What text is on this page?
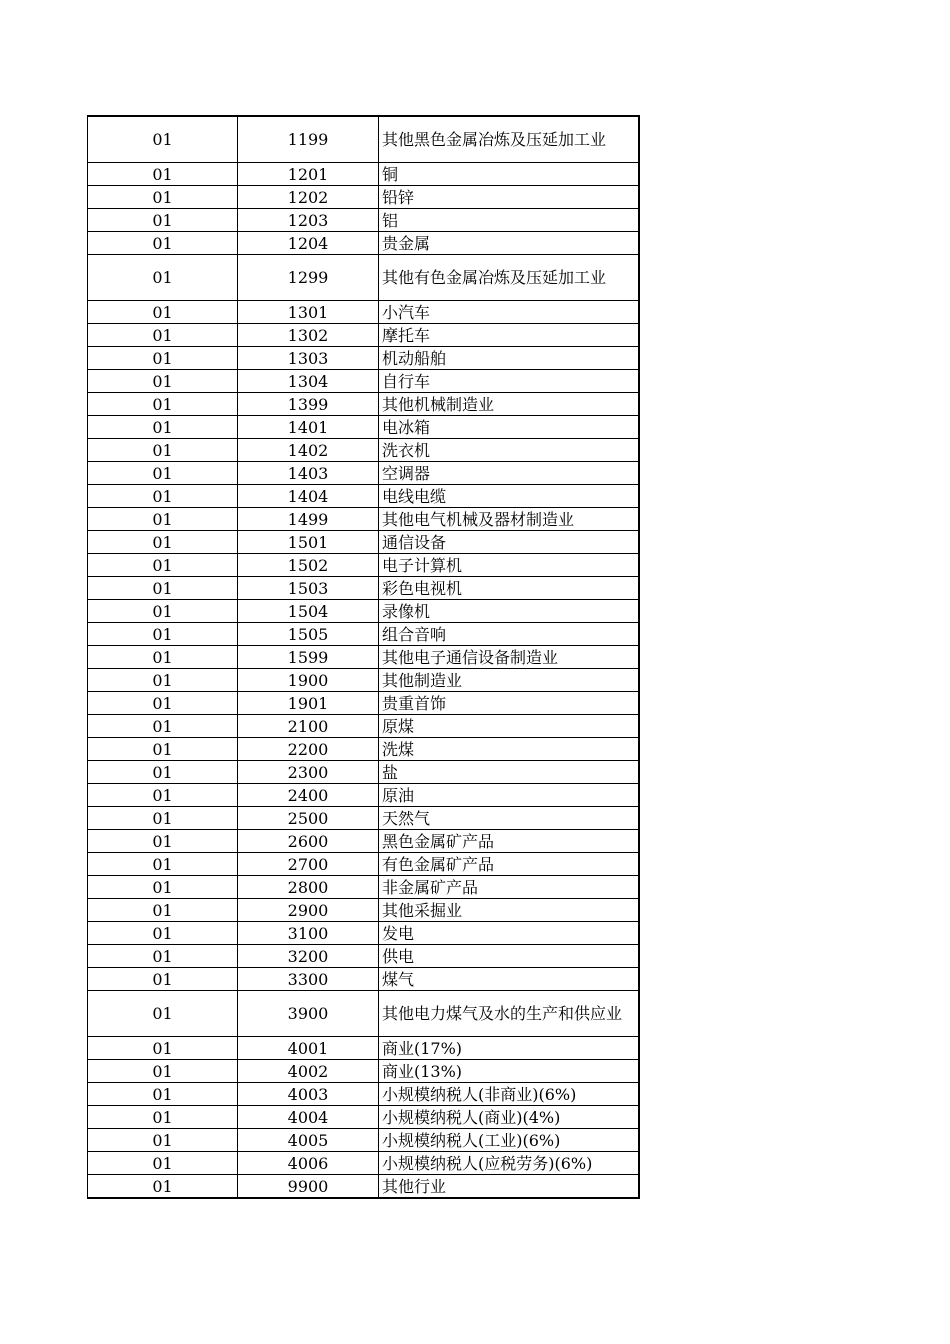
01	1199	其他黑色金属冶炼及压延加工业
01	1201	铜
01	1202	铅锌
01	1203	铝
01	1204	贵金属
01	1299	其他有色金属冶炼及压延加工业
01	1301	小汽车
01	1302	摩托车
01	1303	机动船舶
01	1304	自行车
01	1399	其他机械制造业
01	1401	电冰箱
01	1402	洗衣机
01	1403	空调器
01	1404	电线电缆
01	1499	其他电气机械及器材制造业
01	1501	通信设备
01	1502	电子计算机
01	1503	彩色电视机
01	1504	录像机
01	1505	组合音响
01	1599	其他电子通信设备制造业
01	1900	其他制造业
01	1901	贵重首饰
01	2100	原煤
01	2200	洗煤
01	2300	盐
01	2400	原油
01	2500	天然气
01	2600	黑色金属矿产品
01	2700	有色金属矿产品
01	2800	非金属矿产品
01	2900	其他采掘业
01	3100	发电
01	3200	供电
01	3300	煤气
01	3900	其他电力煤气及水的生产和供应业
01	4001	商业(17%)
01	4002	商业(13%)
01	4003	小规模纳税人(非商业)(6%)
01	4004	小规模纳税人(商业)(4%)
01	4005	小规模纳税人(工业)(6%)
01	4006	小规模纳税人(应税劳务)(6%)
01	9900	其他行业
